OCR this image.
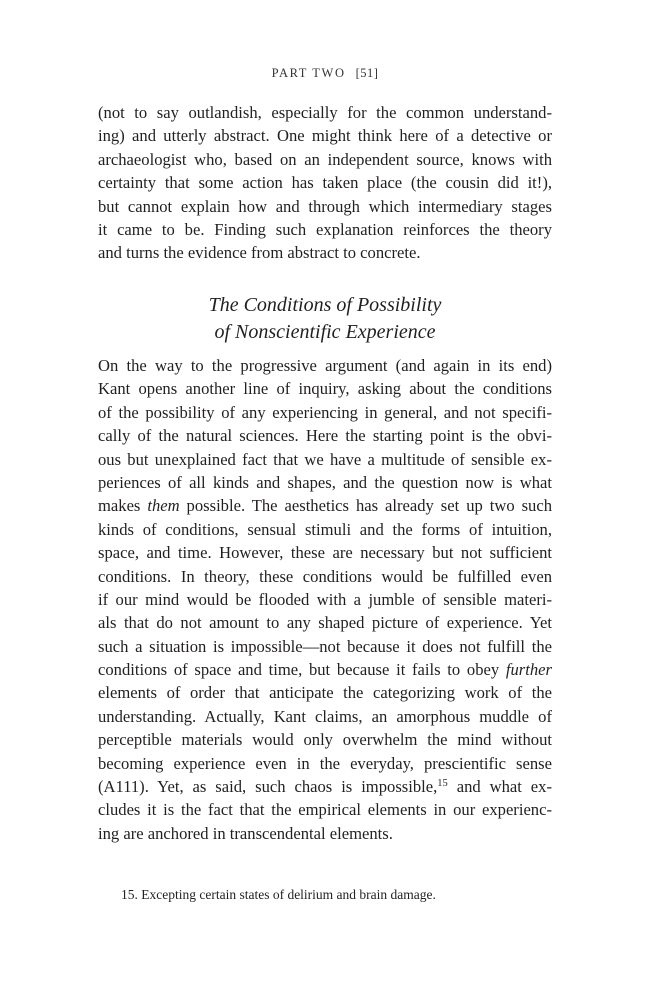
PART TWO [51]
(not to say outlandish, especially for the common understand-
ing) and utterly abstract. One might think here of a detective or
archaeologist who, based on an independent source, knows with
certainty that some action has taken place (the cousin did it!),
but cannot explain how and through which intermediary stages
it came to be. Finding such explanation reinforces the theory
and turns the evidence from abstract to concrete.
The Conditions of Possibility
of Nonscientific Experience
On the way to the progressive argument (and again in its end)
Kant opens another line of inquiry, asking about the conditions
of the possibility of any experiencing in general, and not specifi-
cally of the natural sciences. Here the starting point is the obvi-
ous but unexplained fact that we have a multitude of sensible ex-
periences of all kinds and shapes, and the question now is what
makes them possible. The aesthetics has already set up two such
kinds of conditions, sensual stimuli and the forms of intuition,
space, and time. However, these are necessary but not sufficient
conditions. In theory, these conditions would be fulfilled even
if our mind would be flooded with a jumble of sensible materi-
als that do not amount to any shaped picture of experience. Yet
such a situation is impossible—not because it does not fulfill the
conditions of space and time, but because it fails to obey further
elements of order that anticipate the categorizing work of the
understanding. Actually, Kant claims, an amorphous muddle of
perceptible materials would only overwhelm the mind without
becoming experience even in the everyday, prescientific sense
(A111). Yet, as said, such chaos is impossible,$^{15}$ and what ex-
cludes it is the fact that the empirical elements in our experienc-
ing are anchored in transcendental elements.
15. Excepting certain states of delirium and brain damage.
